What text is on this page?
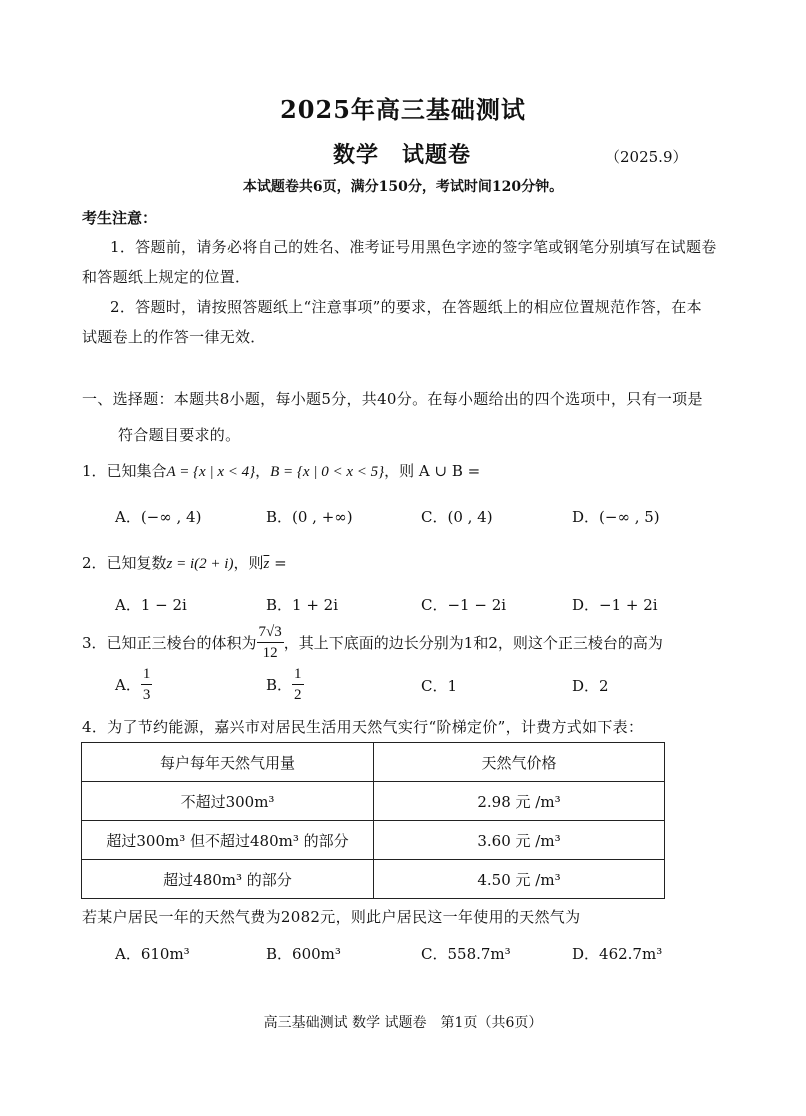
2025年高三基础测试
数学　试题卷	（2025.9）
本试题卷共6页，满分150分，考试时间120分钟。
考生注意：
1．答题前，请务必将自己的姓名、准考证号用黑色字迹的签字笔或钢笔分别填写在试题卷
和答题纸上规定的位置．
2．答题时，请按照答题纸上“注意事项”的要求，在答题纸上的相应位置规范作答，在本
试题卷上的作答一律无效．
一、选择题：本题共8小题，每小题5分，共40分。在每小题给出的四个选项中，只有一项是
符合题目要求的。
1．已知集合A = {x | x < 4}，B = {x | 0 < x < 5}，则 A ∪ B =
A．(−∞ , 4)	B．(0 , +∞)	C．(0 , 4)	D．(−∞ , 5)
2．已知复数z = i(2 + i)，则$\overline{z}$ =
A．1 − 2i	B．1 + 2i	C．−1 − 2i	D．−1 + 2i
3．已知正三棱台的体积为 $\frac{7√3}{12}$ ，其上下底面的边长分别为1和2，则这个正三棱台的高为
A． $\frac{1}{3}$	B． $\frac{1}{2}$	C．1	D．2
4．为了节约能源，嘉兴市对居民生活用天然气实行“阶梯定价”，计费方式如下表：
每户每年天然气用量	天然气价格
不超过300m³	2.98 元 /m³
超过300m³ 但不超过480m³ 的部分	3.60 元 /m³
超过480m³ 的部分	4.50 元 /m³
若某户居民一年的天然气费为2082元，则此户居民这一年使用的天然气为
A．610m³	B．600m³	C．558.7m³	D．462.7m³
高三基础测试 数学 试题卷　第1页（共6页）
